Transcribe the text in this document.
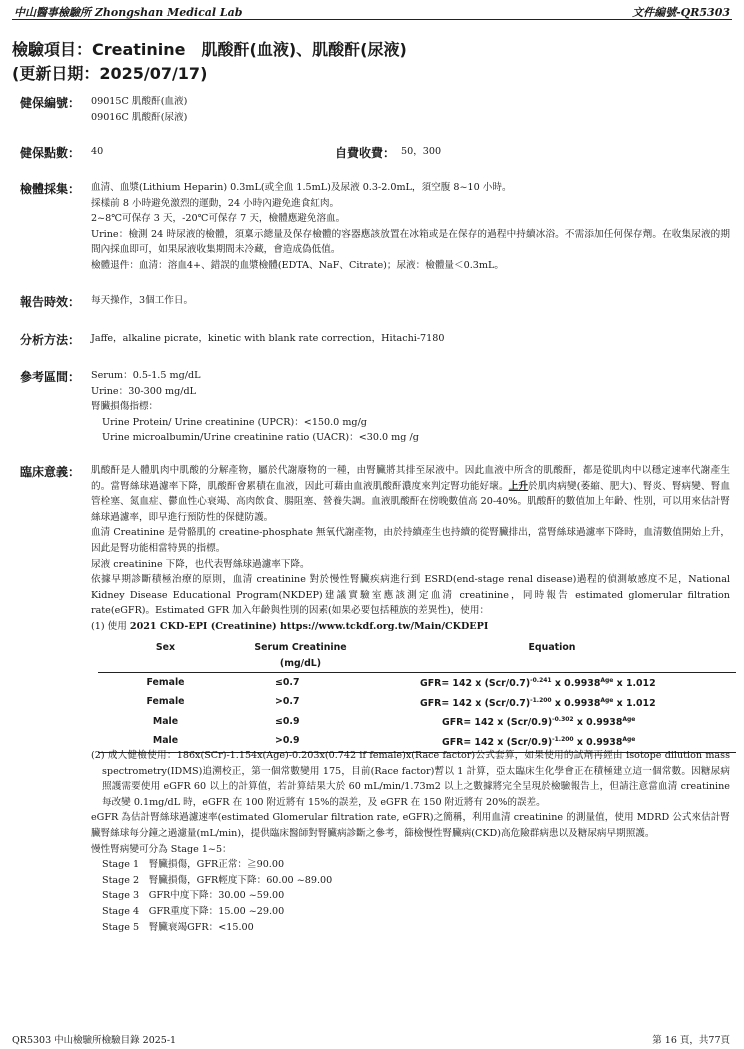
中山醫事檢驗所 Zhongshan Medical Lab	文件編號-QR5303
檢驗項目：Creatinine　肌酸酐(血液)、肌酸酐(尿液)
(更新日期：2025/07/17)
健保編號： 09015C 肌酸酐(血液)
09016C 肌酸酐(尿液)
健保點數： 40	自費收費： 50，300
檢體採集： 血清、血漿(Lithium Heparin) 0.3mL(或全血 1.5mL)及尿液 0.3-2.0mL，須空腹 8~10 小時。
採樣前 8 小時避免激烈的運動，24 小時內避免進食紅肉。
2~8℃可保存 3 天，-20℃可保存 7 天，檢體應避免溶血。
Urine：檢測 24 時尿液的檢體，須稟示總量及保存檢體的容器應該放置在冰箱或是在保存的過程中持續冰浴。不需添加任何保存劑。在收集尿液的期間內採血即可，如果尿液收集期間未冷藏，會造成偽低值。
檢體退件：血清：溶血4+、錯誤的血漿檢體(EDTA、NaF、Citrate)；尿液：檢體量＜0.3mL。
報告時效： 每天操作，3個工作日。
分析方法： Jaffe，alkaline picrate，kinetic with blank rate correction，Hitachi-7180
參考區間： Serum：0.5-1.5 mg/dL
Urine：30-300 mg/dL
腎臟損傷指標：
Urine Protein/ Urine creatinine (UPCR)：<150.0 mg/g
Urine microalbumin/Urine creatinine ratio (UACR)：<30.0 mg /g
臨床意義： 肌酸酐是人體肌肉中肌酸的分解產物，屬於代謝廢物的一種，由腎臟將其排至尿液中。因此血液中所含的肌酸酐，都是從肌肉中以穩定速率代謝產生的。當腎絲球過濾率下降，肌酸酐會累積在血液，因此可藉由血液肌酸酐濃度來判定腎功能好壞。上升於肌肉病變(萎縮、肥大)、腎炎、腎病變、腎血管栓塞、氮血症、鬱血性心衰竭、高肉飲食、腸阻塞、營養失調。血液肌酸酐在傍晚數值高 20-40%。肌酸酐的數值加上年齡、性別，可以用來估計腎絲球過濾率，即早進行預防性的保健防護。
血清 Creatinine 是骨骼肌的 creatine-phosphate 無氧代謝產物，由於持續產生也持續的從腎臟排出，當腎絲球過濾率下降時，血清數值開始上升，因此是腎功能相當特異的指標。
尿液 creatinine 下降，也代表腎絲球過濾率下降。
依據早期診斷積極治療的原則，血清 creatinine 對於慢性腎臟疾病進行到 ESRD(end-stage renal disease)過程的偵測敏感度不足，National Kidney Disease Educational Program(NKDEP)建議實驗室應該測定血清 creatinine，同時報告 estimated glomerular filtration rate(eGFR)。Estimated GFR 加入年齡與性別的因素(如果必要包括種族的差異性)，使用：
(1) 使用 2021 CKD-EPI (Creatinine) https://www.tckdf.org.tw/Main/CKDEPI
Sex	Serum Creatinine	Equation
	(mg/dL)	
Female	≤0.7	GFR= 142 x $(Scr/0.7)^{-0.241}$ x $0.9938^{Age}$ x 1.012
Female	>0.7	GFR= 142 x $(Scr/0.7)^{-1.200}$ x $0.9938^{Age}$ x 1.012
Male	≤0.9	GFR= 142 x $(Scr/0.9)^{-0.302}$ x $0.9938^{Age}$
Male	>0.9	GFR= 142 x $(Scr/0.9)^{-1.200}$ x $0.9938^{Age}$
(2) 成人健檢使用：186x(SCr)-1.154x(Age)-0.203x(0.742 if female)x(Race factor)公式套算，如果使用的試劑再經由 isotope dilution mass spectrometry(IDMS)追溯校正，第一個常數變用 175，目前(Race factor)暫以 1 計算，亞太臨床生化學會正在積極建立這一個常數。因糖尿病照護需要使用 eGFR 60 以上的計算值，若計算結果大於 60 mL/min/1.73m2 以上之數據將完全呈現於檢驗報告上，但請注意當血清 creatinine 每改變 0.1mg/dL 時，eGFR 在 100 附近將有 15%的誤差，及 eGFR 在 150 附近將有 20%的誤差。
eGFR 為估計腎絲球過濾速率(estimated Glomerular filtration rate, eGFR)之簡稱，利用血清 creatinine 的測量值，使用 MDRD 公式來估計腎臟腎絲球每分鐘之過濾量(mL/min)，提供臨床醫師對腎臟病診斷之參考，篩檢慢性腎臟病(CKD)高危險群病患以及糖尿病早期照護。
慢性腎病變可分為 Stage 1~5：
Stage 1　腎臟損傷，GFR正常：≧90.00
Stage 2　腎臟損傷，GFR輕度下降：60.00 ~89.00
Stage 3　GFR中度下降：30.00 ~59.00
Stage 4　GFR重度下降：15.00 ~29.00
Stage 5　腎臟衰竭GFR：<15.00
QR5303 中山檢驗所檢驗目錄 2025-1	第 16 頁，共77頁
